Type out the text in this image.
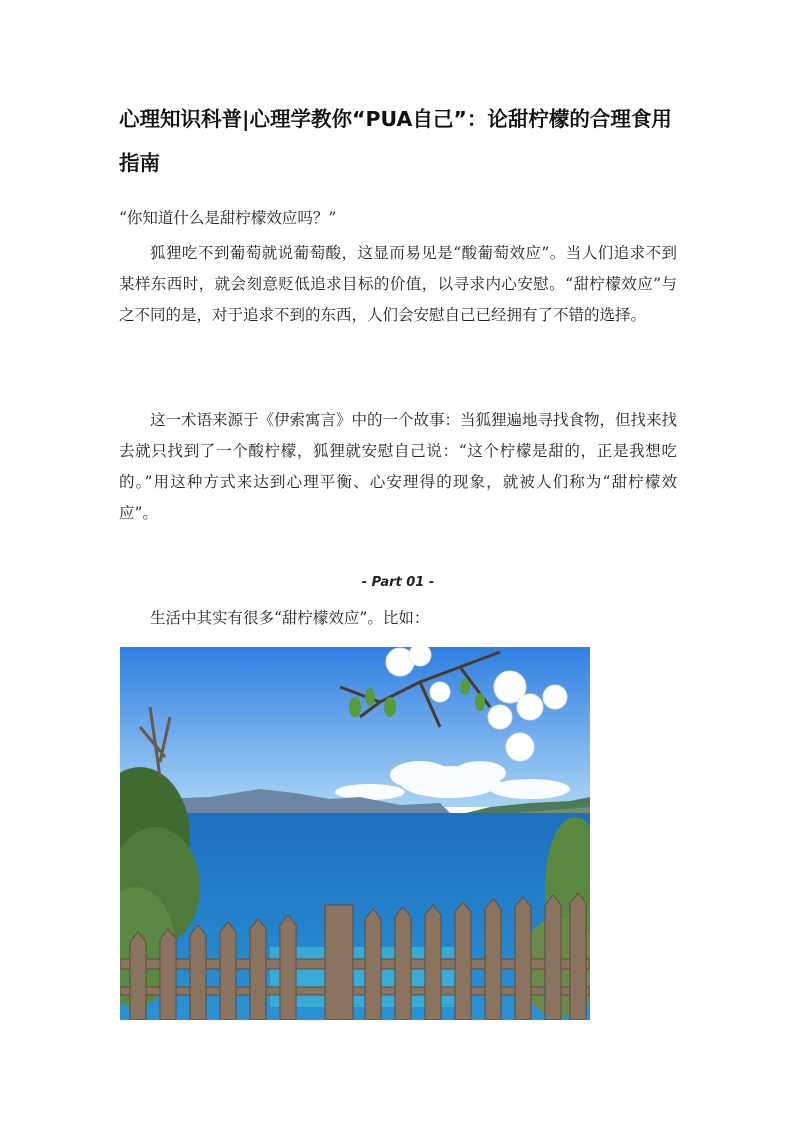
心理知识科普|心理学教你“PUA自己”：论甜柠檬的合理食用指南

“你知道什么是甜柠檬效应吗？”

狐狸吃不到葡萄就说葡萄酸，这显而易见是“酸葡萄效应”。当人们追求不到某样东西时，就会刻意贬低追求目标的价值，以寻求内心安慰。“甜柠檬效应”与之不同的是，对于追求不到的东西，人们会安慰自己已经拥有了不错的选择。

这一术语来源于《伊索寓言》中的一个故事：当狐狸遍地寻找食物，但找来找去就只找到了一个酸柠檬，狐狸就安慰自己说：“这个柠檬是甜的，正是我想吃的。”用这种方式来达到心理平衡、心安理得的现象，就被人们称为“甜柠檬效应”。

- Part 01 -

生活中其实有很多“甜柠檬效应”。比如：
